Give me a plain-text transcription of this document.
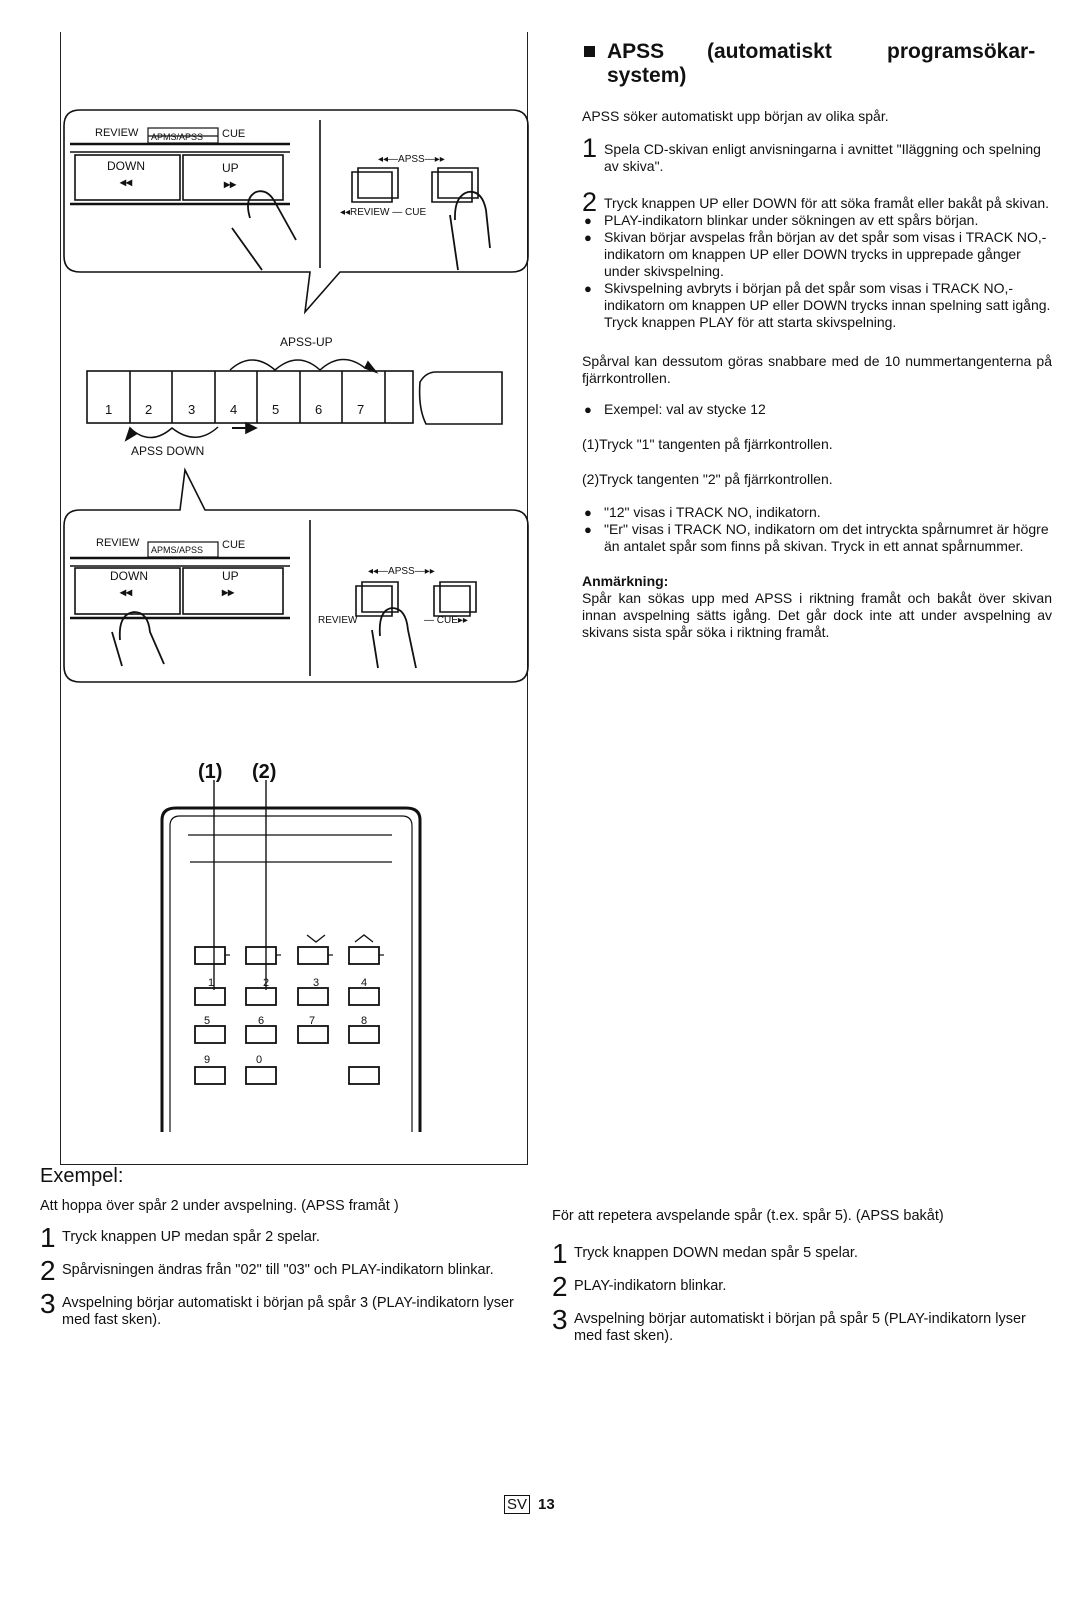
REVIEW APMS/APSS CUE
DOWN
◂◂
UP
▸▸
◂◂—APSS—▸▸
◂◂REVIEW — CUE
APSS-UP
APSS DOWN
1	2	3	4	5	6	7
REVIEW
APMS/APSS CUE
DOWN
◂◂
UP
▸▸
◂◂—APSS—▸▸
REVIEW	— CUE▸▸
(1) (2)
1	2	3	4
5	6	7	8
9	0
APSS	(automatiskt	programsökar-
system)
APSS söker automatiskt upp början av olika spår.
1 Spela CD-skivan enligt anvisningarna i avnittet "Iläggning och spelning av skiva".
2 Tryck knappen UP eller DOWN för att söka framåt eller bakåt på skivan.
● PLAY-indikatorn blinkar under sökningen av ett spårs början.
● Skivan börjar avspelas från början av det spår som visas i TRACK NO,-indikatorn om knappen UP eller DOWN trycks in upprepade gånger under skivspelning.
● Skivspelning avbryts i början på det spår som visas i TRACK NO,-indikatorn om knappen UP eller DOWN trycks innan spelning satt igång. Tryck knappen PLAY för att starta skivspelning.
Spårval kan dessutom göras snabbare med de 10 nummertangenterna på fjärrkontrollen.
● Exempel: val av stycke 12
(1)Tryck "1" tangenten på fjärrkontrollen.
(2)Tryck tangenten "2" på fjärrkontrollen.
● "12" visas i TRACK NO, indikatorn.
● "Er" visas i TRACK NO, indikatorn om det intryckta spårnumret är högre än antalet spår som finns på skivan. Tryck in ett annat spårnummer.
Anmärkning:
Spår kan sökas upp med APSS i riktning framåt och bakåt över skivan innan avspelning sätts igång. Det går dock inte att under avspelning av skivans sista spår söka i riktning framåt.
Exempel:
Att hoppa över spår 2 under avspelning. (APSS framåt )
1 Tryck knappen UP medan spår 2 spelar.
2 Spårvisningen ändras från "02" till "03" och PLAY-indikatorn blinkar.
3 Avspelning börjar automatiskt i början på spår 3 (PLAY-indikatorn lyser med fast sken).
För att repetera avspelande spår (t.ex. spår 5). (APSS bakåt)
1 Tryck knappen DOWN medan spår 5 spelar.
2 PLAY-indikatorn blinkar.
3 Avspelning börjar automatiskt i början på spår 5 (PLAY-indikatorn lyser med fast sken).
SV 13
